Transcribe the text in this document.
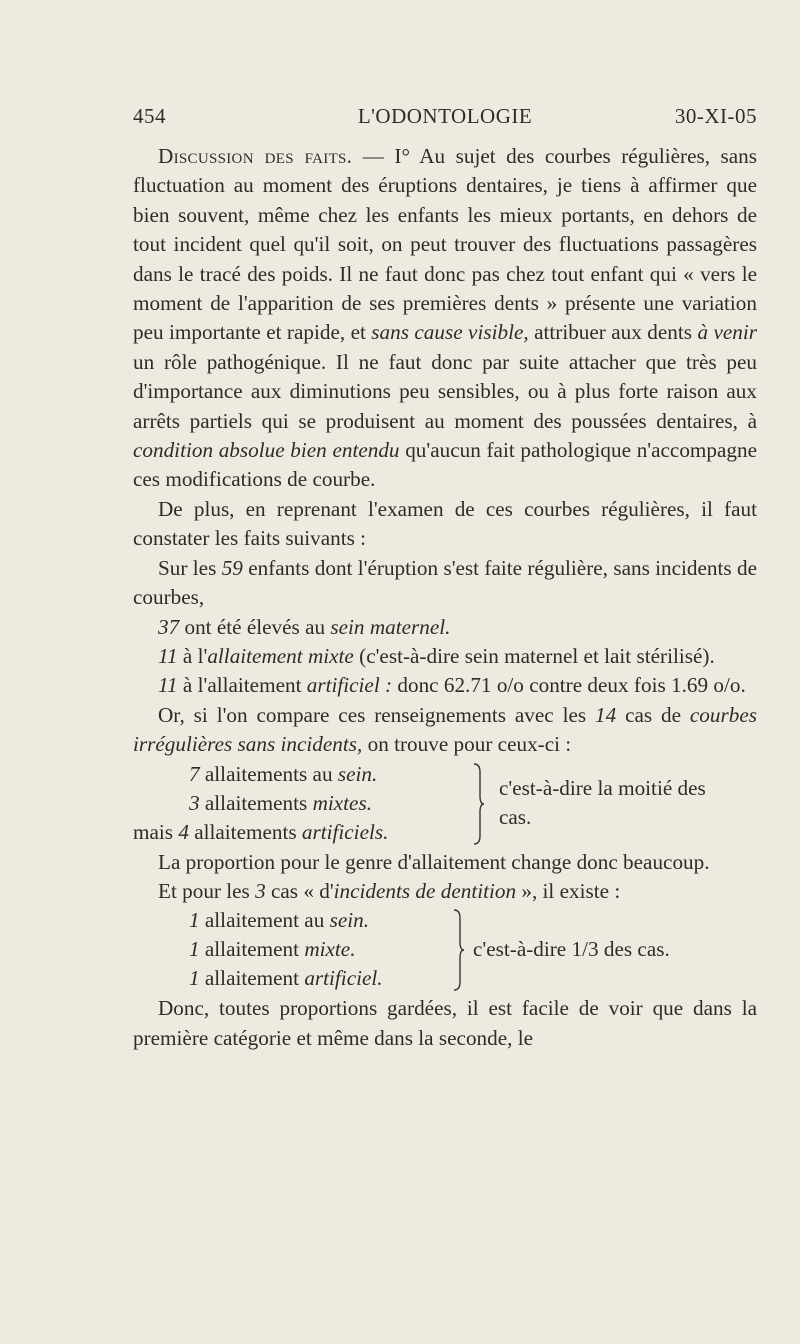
454	L'ODONTOLOGIE	30-XI-05

Discussion des faits. — I° Au sujet des courbes régulières, sans fluctuation au moment des éruptions dentaires, je tiens à affirmer que bien souvent, même chez les enfants les mieux portants, en dehors de tout incident quel qu'il soit, on peut trouver des fluctuations passagères dans le tracé des poids. Il ne faut donc pas chez tout enfant qui « vers le moment de l'apparition de ses premières dents » présente une variation peu importante et rapide, et sans cause visible, attribuer aux dents à venir un rôle pathogénique. Il ne faut donc par suite attacher que très peu d'importance aux diminutions peu sensibles, ou à plus forte raison aux arrêts partiels qui se produisent au moment des poussées dentaires, à condition absolue bien entendu qu'aucun fait pathologique n'accompagne ces modifications de courbe.

De plus, en reprenant l'examen de ces courbes régulières, il faut constater les faits suivants :

Sur les 59 enfants dont l'éruption s'est faite régulière, sans incidents de courbes,

37 ont été élevés au sein maternel.

11 à l'allaitement mixte (c'est-à-dire sein maternel et lait stérilisé).

11 à l'allaitement artificiel : donc 62.71 o/o contre deux fois 1.69 o/o.

Or, si l'on compare ces renseignements avec les 14 cas de courbes irrégulières sans incidents, on trouve pour ceux-ci :

7 allaitements au sein.
3 allaitements mixtes.
mais 4 allaitements artificiels.
c'est-à-dire la moitié des
cas.

La proportion pour le genre d'allaitement change donc beaucoup.

Et pour les 3 cas « d'incidents de dentition », il existe :

1 allaitement au sein.
1 allaitement mixte.
1 allaitement artificiel.
c'est-à-dire 1/3 des cas.

Donc, toutes proportions gardées, il est facile de voir que dans la première catégorie et même dans la seconde, le
